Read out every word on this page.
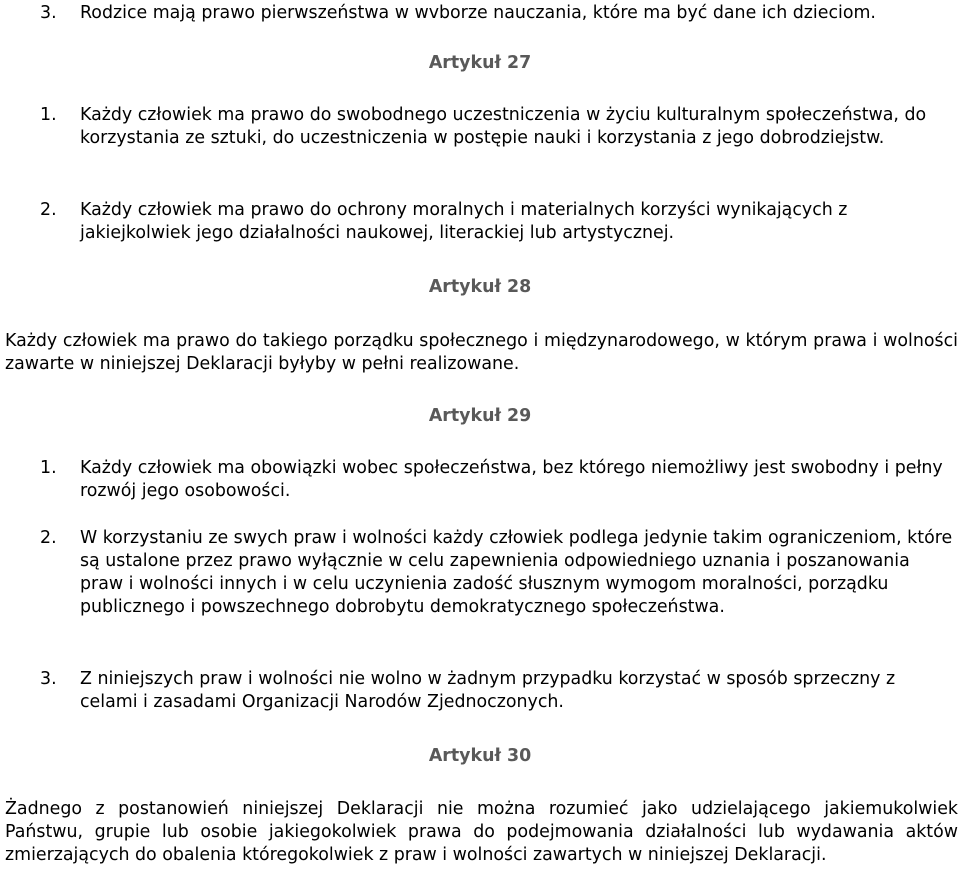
3. Rodzice mają prawo pierwszeństwa w wvborze nauczania, które ma być dane ich dzieciom.
Artykuł 27
1. Każdy człowiek ma prawo do swobodnego uczestniczenia w życiu kulturalnym społeczeństwa, do korzystania ze sztuki, do uczestniczenia w postępie nauki i korzystania z jego dobrodziejstw.
2. Każdy człowiek ma prawo do ochrony moralnych i materialnych korzyści wynikających z jakiejkolwiek jego działalności naukowej, literackiej lub artystycznej.
Artykuł 28
Każdy człowiek ma prawo do takiego porządku społecznego i międzynarodowego, w którym prawa i wolności zawarte w niniejszej Deklaracji byłyby w pełni realizowane.
Artykuł 29
1. Każdy człowiek ma obowiązki wobec społeczeństwa, bez którego niemożliwy jest swobodny i pełny rozwój jego osobowości.
2. W korzystaniu ze swych praw i wolności każdy człowiek podlega jedynie takim ograniczeniom, które są ustalone przez prawo wyłącznie w celu zapewnienia odpowiedniego uznania i poszanowania praw i wolności innych i w celu uczynienia zadość słusznym wymogom moralności, porządku publicznego i powszechnego dobrobytu demokratycznego społeczeństwa.
3. Z niniejszych praw i wolności nie wolno w żadnym przypadku korzystać w sposób sprzeczny z celami i zasadami Organizacji Narodów Zjednoczonych.
Artykuł 30
Żadnego z postanowień niniejszej Deklaracji nie można rozumieć jako udzielającego jakiemukolwiek Państwu, grupie lub osobie jakiegokolwiek prawa do podejmowania działalności lub wydawania aktów zmierzających do obalenia któregokolwiek z praw i wolności zawartych w niniejszej Deklaracji.
